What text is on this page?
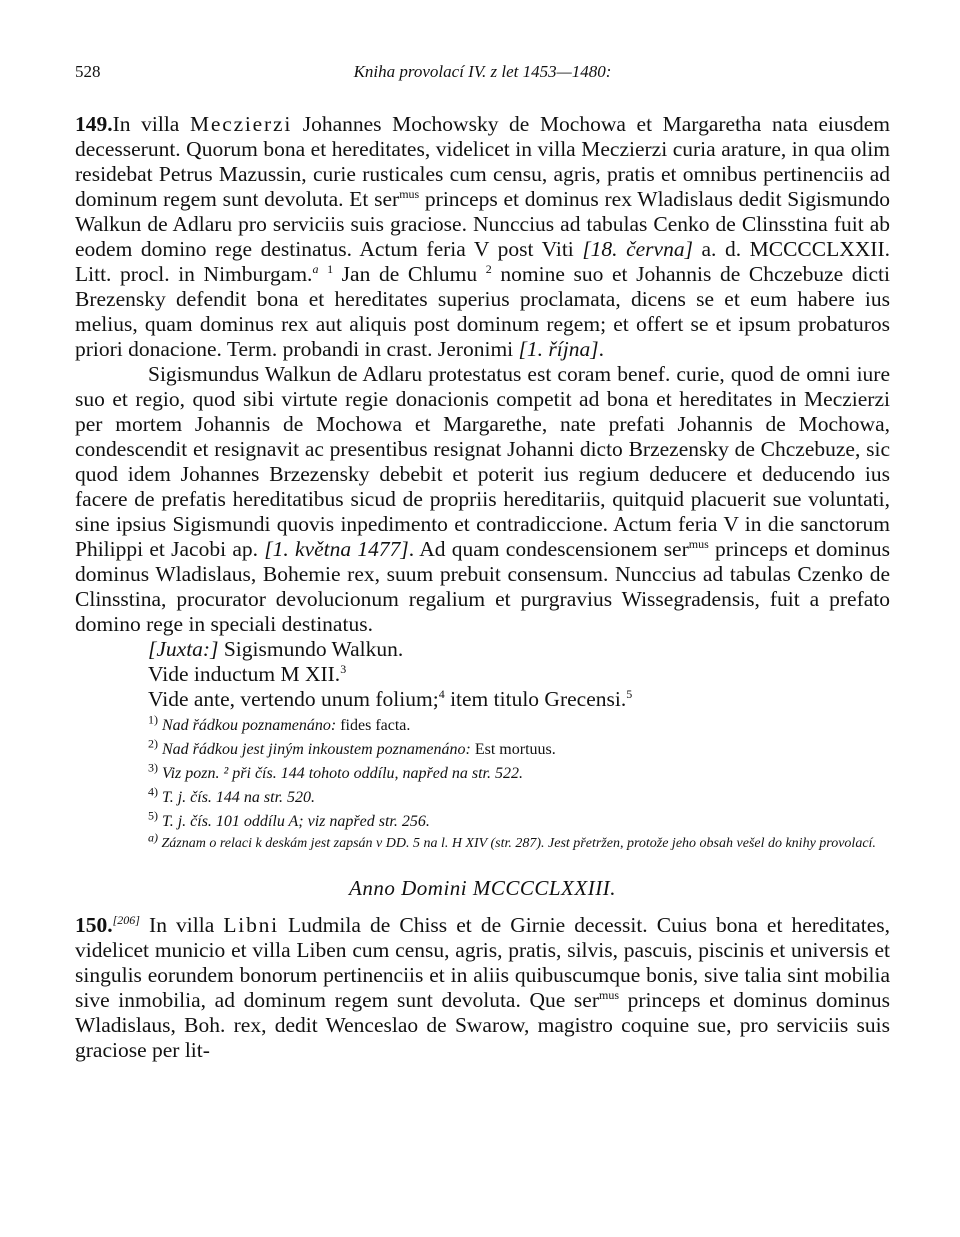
528	Kniha provolací IV. z let 1453—1480:

149.In villa Meczierzi Johannes Mochowsky de Mochowa et Margaretha nata eiusdem decesserunt. Quorum bona et hereditates, videlicet in villa Meczierzi curia arature, in qua olim residebat Petrus Mazussin, curie rusticales cum censu, agris, pratis et omnibus pertinenciis ad dominum regem sunt devoluta. Et ser$^{mus}$ princeps et dominus rex Wladislaus dedit Sigismundo Walkun de Adlaru pro serviciis suis graciose. Nunccius ad tabulas Cenko de Clinsstina fuit ab eodem domino rege destinatus. Actum feria V post Viti [18. června] a. d. MCCCCLXXII. Litt. procl. in Nimburgam.$^a$ $^1$ Jan de Chlumu $^2$ nomine suo et Johannis de Chczebuze dicti Brezensky defendit bona et hereditates superius proclamata, dicens se et eum habere ius melius, quam dominus rex aut aliquis post dominum regem; et offert se et ipsum probaturos priori donacione. Term. probandi in crast. Jeronimi [1. října].

Sigismundus Walkun de Adlaru protestatus est coram benef. curie, quod de omni iure suo et regio, quod sibi virtute regie donacionis competit ad bona et hereditates in Meczierzi per mortem Johannis de Mochowa et Margarethe, nate prefati Johannis de Mochowa, condescendit et resignavit ac presentibus resignat Johanni dicto Brzezensky de Chczebuze, sic quod idem Johannes Brzezensky debebit et poterit ius regium deducere et deducendo ius facere de prefatis hereditatibus sicud de propriis hereditariis, quitquid placuerit sue voluntati, sine ipsius Sigismundi quovis inpedimento et contradiccione. Actum feria V in die sanctorum Philippi et Jacobi ap. [1. května 1477]. Ad quam condescensionem ser$^{mus}$ princeps et dominus dominus Wladislaus, Bohemie rex, suum prebuit consensum. Nunccius ad tabulas Czenko de Clinsstina, procurator devolucionum regalium et purgravius Wissegradensis, fuit a prefato domino rege in speciali destinatus.

[Juxta:] Sigismundo Walkun.

Vide inductum M XII.$^3$

Vide ante, vertendo unum folium;$^4$ item titulo Grecensi.$^5$

$^{1)}$ Nad řádkou poznamenáno: fides facta.

$^{2)}$ Nad řádkou jest jiným inkoustem poznamenáno: Est mortuus.

$^{3)}$ Viz pozn. ² při čís. 144 tohoto oddílu, napřed na str. 522.

$^{4)}$ T. j. čís. 144 na str. 520.

$^{5)}$ T. j. čís. 101 oddílu A; viz napřed str. 256.

$^{a)}$ Záznam o relaci k deskám jest zapsán v DD. 5 na l. H XIV (str. 287). Jest přetržen, protože jeho obsah vešel do knihy provolací.

Anno Domini MCCCCLXXIII.

150.[206] In villa Libni Ludmila de Chiss et de Girnie decessit. Cuius bona et hereditates, videlicet municio et villa Liben cum censu, agris, pratis, silvis, pascuis, piscinis et universis et singulis eorundem bonorum pertinenciis et in aliis quibuscumque bonis, sive talia sint mobilia sive inmobilia, ad dominum regem sunt devoluta. Que ser$^{mus}$ princeps et dominus dominus Wladislaus, Boh. rex, dedit Wenceslao de Swarow, magistro coquine sue, pro serviciis suis graciose per lit-
